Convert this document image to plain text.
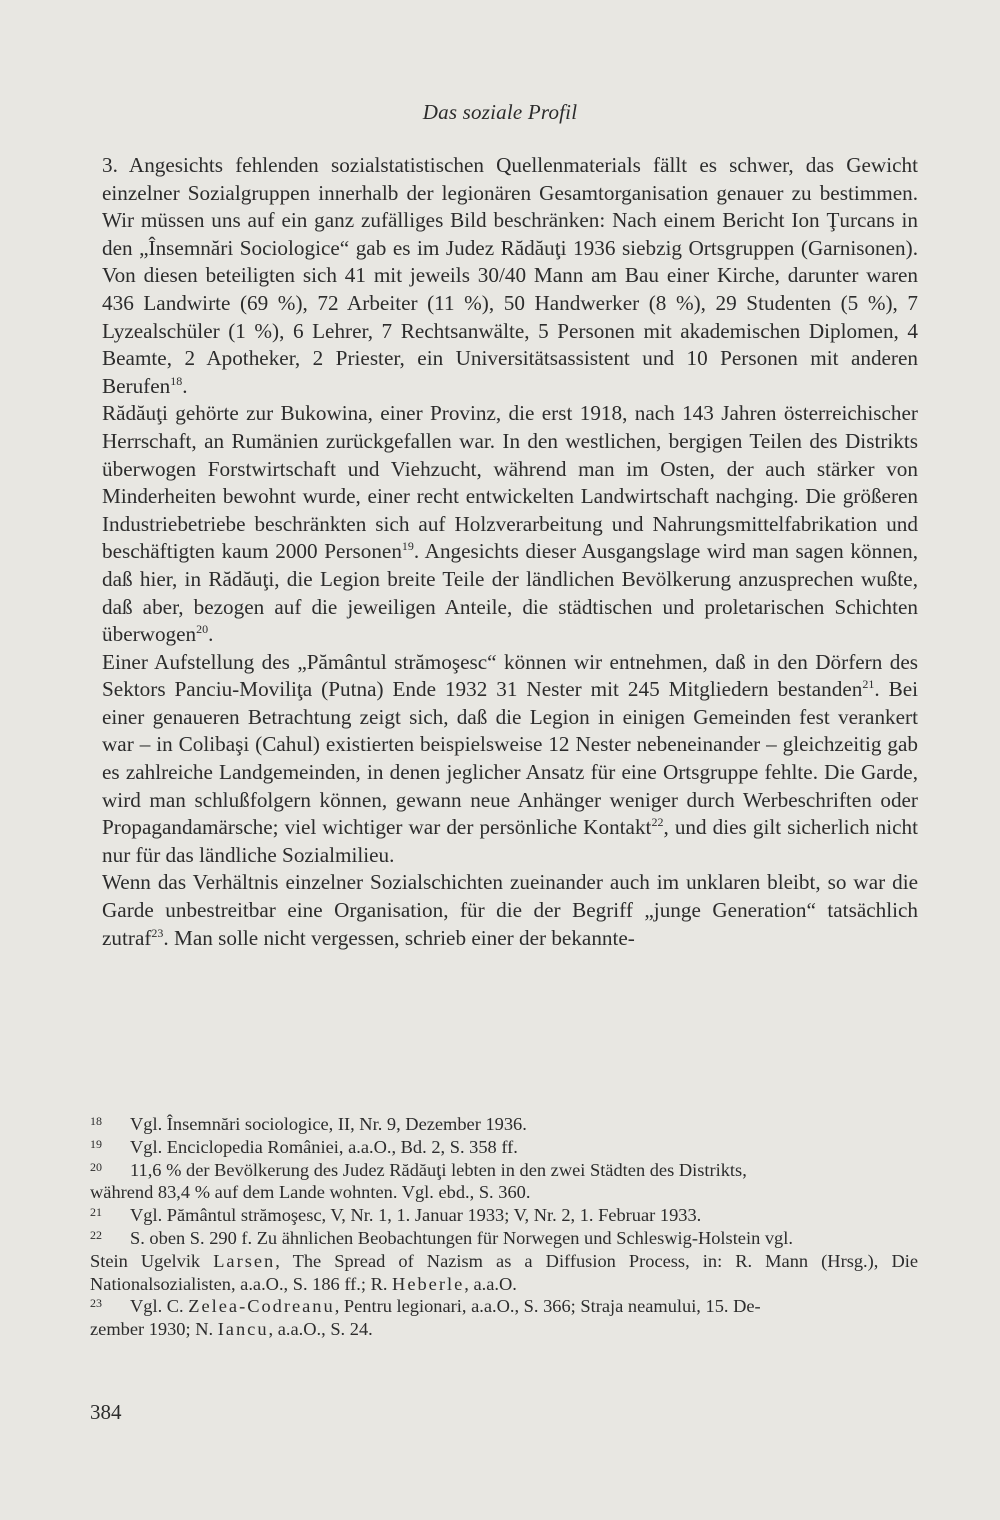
Das soziale Profil

3. Angesichts fehlenden sozialstatistischen Quellenmaterials fällt es schwer, das Gewicht einzelner Sozialgruppen innerhalb der legionären Gesamtorganisation genauer zu bestimmen. Wir müssen uns auf ein ganz zufälliges Bild beschränken: Nach einem Bericht Ion Ţurcans in den „Însemnări Sociologice“ gab es im Judez Rădăuţi 1936 siebzig Ortsgruppen (Garnisonen). Von diesen beteiligten sich 41 mit jeweils 30/40 Mann am Bau einer Kirche, darunter waren 436 Landwirte (69 %), 72 Arbeiter (11 %), 50 Handwerker (8 %), 29 Studenten (5 %), 7 Lyzealschüler (1 %), 6 Lehrer, 7 Rechtsanwälte, 5 Personen mit akademischen Diplomen, 4 Beamte, 2 Apotheker, 2 Priester, ein Universitätsassistent und 10 Personen mit anderen Berufen$^{18}$.

Rădăuţi gehörte zur Bukowina, einer Provinz, die erst 1918, nach 143 Jahren österreichischer Herrschaft, an Rumänien zurückgefallen war. In den westlichen, bergigen Teilen des Distrikts überwogen Forstwirtschaft und Viehzucht, während man im Osten, der auch stärker von Minderheiten bewohnt wurde, einer recht entwickelten Landwirtschaft nachging. Die größeren Industriebetriebe beschränkten sich auf Holzverarbeitung und Nahrungsmittelfabrikation und beschäftigten kaum 2000 Personen$^{19}$. Angesichts dieser Ausgangslage wird man sagen können, daß hier, in Rădăuţi, die Legion breite Teile der ländlichen Bevölkerung anzusprechen wußte, daß aber, bezogen auf die jeweiligen Anteile, die städtischen und proletarischen Schichten überwogen$^{20}$.

Einer Aufstellung des „Pământul strămoşesc“ können wir entnehmen, daß in den Dörfern des Sektors Panciu-Moviliţa (Putna) Ende 1932 31 Nester mit 245 Mitgliedern bestanden$^{21}$. Bei einer genaueren Betrachtung zeigt sich, daß die Legion in einigen Gemeinden fest verankert war – in Colibaşi (Cahul) existierten beispielsweise 12 Nester nebeneinander – gleichzeitig gab es zahlreiche Landgemeinden, in denen jeglicher Ansatz für eine Ortsgruppe fehlte. Die Garde, wird man schlußfolgern können, gewann neue Anhänger weniger durch Werbeschriften oder Propagandamärsche; viel wichtiger war der persönliche Kontakt$^{22}$, und dies gilt sicherlich nicht nur für das ländliche Sozialmilieu.

Wenn das Verhältnis einzelner Sozialschichten zueinander auch im unklaren bleibt, so war die Garde unbestreitbar eine Organisation, für die der Begriff „junge Generation“ tatsächlich zutraf$^{23}$. Man solle nicht vergessen, schrieb einer der bekannte-

18	Vgl. Însemnări sociologice, II, Nr. 9, Dezember 1936.
19	Vgl. Enciclopedia României, a.a.O., Bd. 2, S. 358 ff.
20	11,6 % der Bevölkerung des Judez Rădăuţi lebten in den zwei Städten des Distrikts,

während 83,4 % auf dem Lande wohnten. Vgl. ebd., S. 360.

21	Vgl. Pământul strămoşesc, V, Nr. 1, 1. Januar 1933; V, Nr. 2, 1. Februar 1933.
22	S. oben S. 290 f. Zu ähnlichen Beobachtungen für Norwegen und Schleswig-Holstein vgl.

Stein Ugelvik Larsen, The Spread of Nazism as a Diffusion Process, in: R. Mann (Hrsg.), Die Nationalsozialisten, a.a.O., S. 186 ff.; R. Heberle, a.a.O.

23	Vgl. C. Zelea-Codreanu, Pentru legionari, a.a.O., S. 366; Straja neamului, 15. De-

zember 1930; N. Iancu, a.a.O., S. 24.

384
